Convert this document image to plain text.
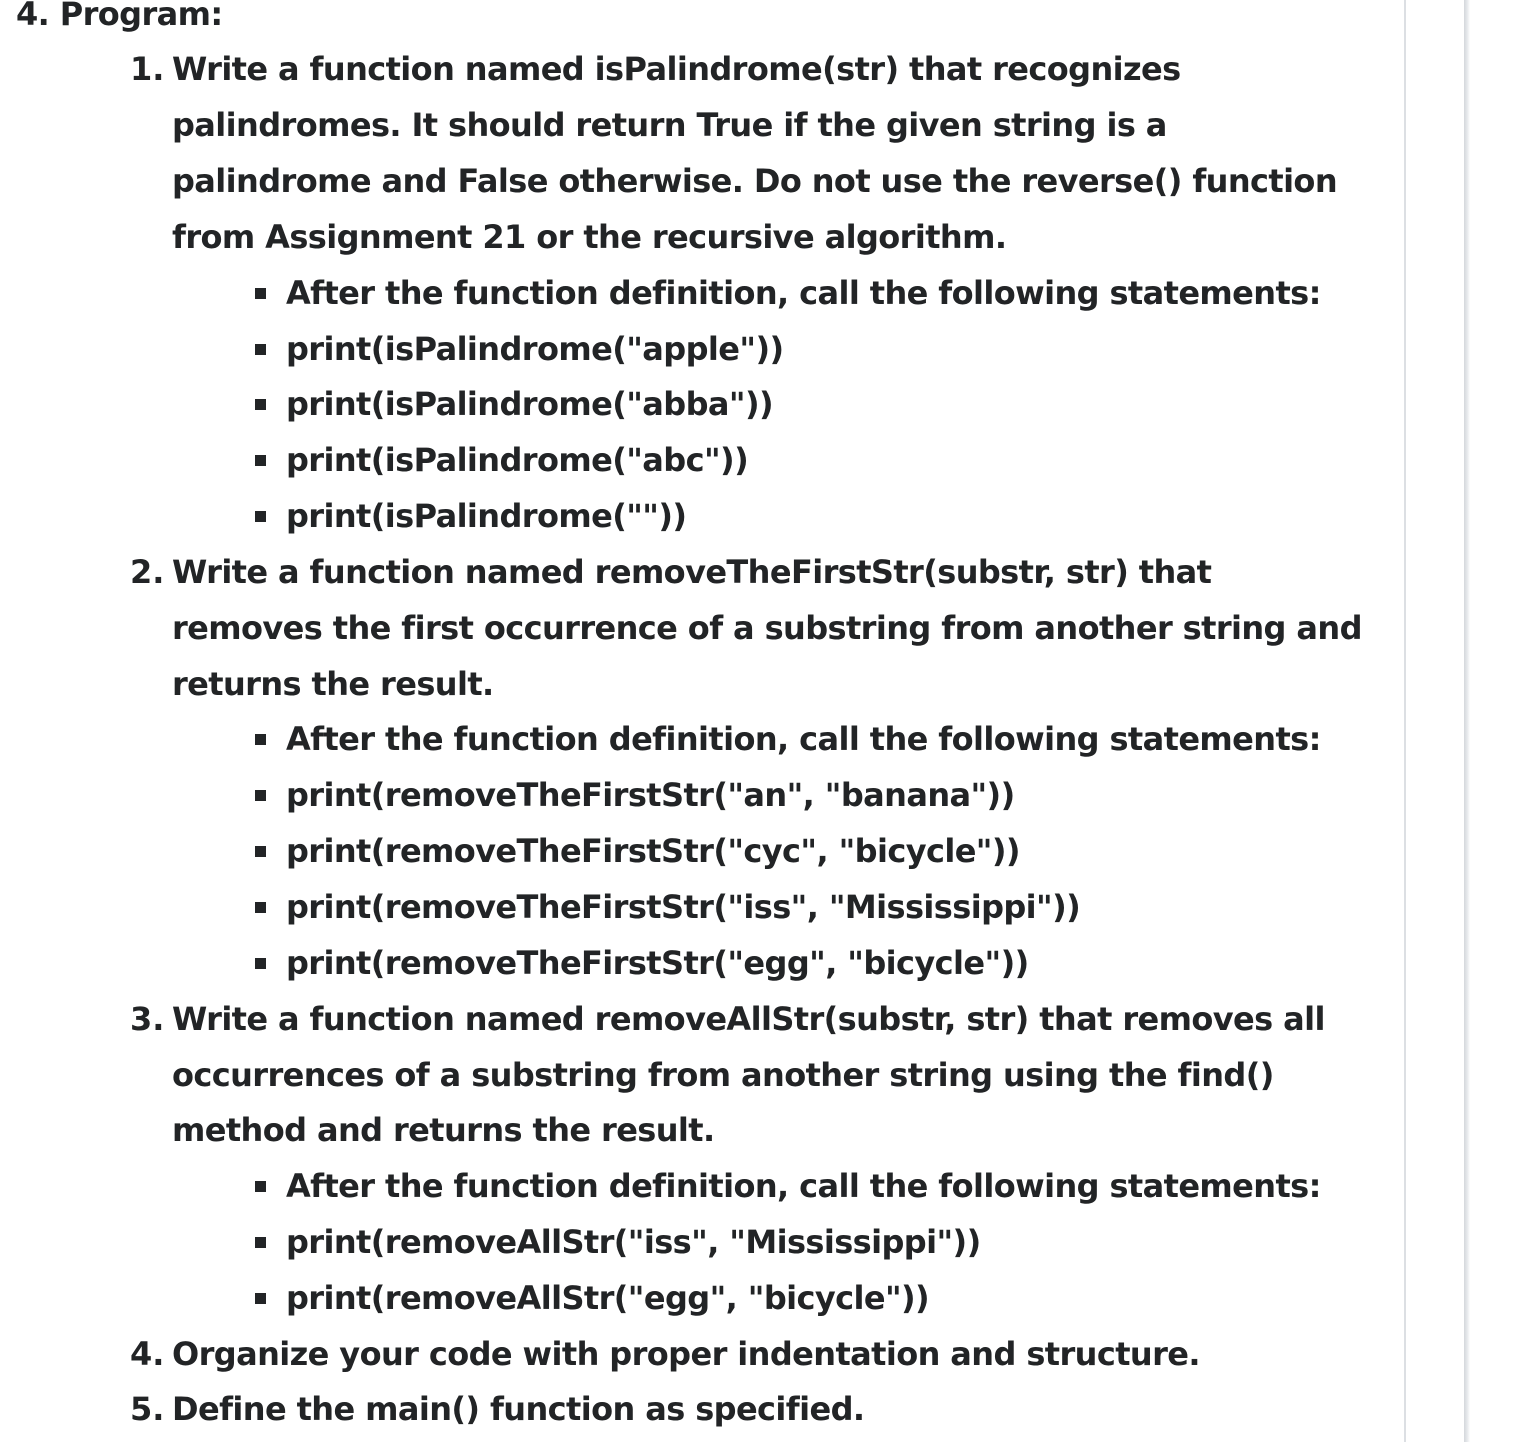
4. Program:
1. Write a function named isPalindrome(str) that recognizes
palindromes. It should return True if the given string is a
palindrome and False otherwise. Do not use the reverse() function
from Assignment 21 or the recursive algorithm.
After the function definition, call the following statements:
print(isPalindrome("apple"))
print(isPalindrome("abba"))
print(isPalindrome("abc"))
print(isPalindrome(""))
2. Write a function named removeTheFirstStr(substr, str) that
removes the first occurrence of a substring from another string and
returns the result.
After the function definition, call the following statements:
print(removeTheFirstStr("an", "banana"))
print(removeTheFirstStr("cyc", "bicycle"))
print(removeTheFirstStr("iss", "Mississippi"))
print(removeTheFirstStr("egg", "bicycle"))
3. Write a function named removeAllStr(substr, str) that removes all
occurrences of a substring from another string using the find()
method and returns the result.
After the function definition, call the following statements:
print(removeAllStr("iss", "Mississippi"))
print(removeAllStr("egg", "bicycle"))
4. Organize your code with proper indentation and structure.
5. Define the main() function as specified.
